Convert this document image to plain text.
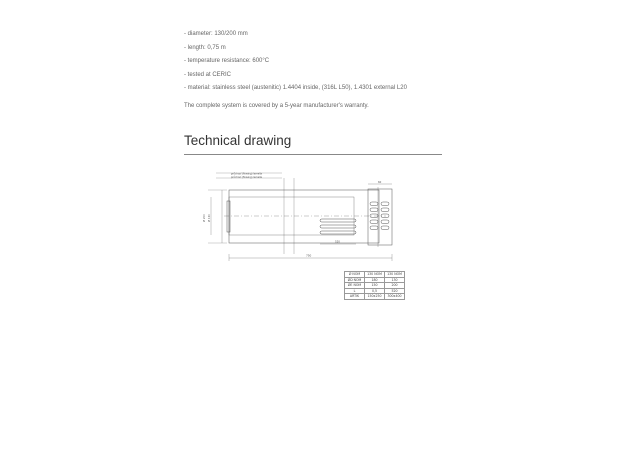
- diameter: 130/200 mm
- length: 0,75 m
- temperature resistance: 600°C
- tested at CERIC
- material: stainless steel (austenitic) 1.4404 inside, (316L L50), 1.4301 external L20
The complete system is covered by a 5-year manufacturer's warranty.
Technical drawing
průchozí (flowing) lamella
průchozí (flowing) lamella
750
520
60
Ø 130
Ø 200
Ø NOM	130 NOM	130 NOM
ØD NOM	180	130
ØE NOM	150	200
L	0,5	520
ARTIK	150x250	300x400
